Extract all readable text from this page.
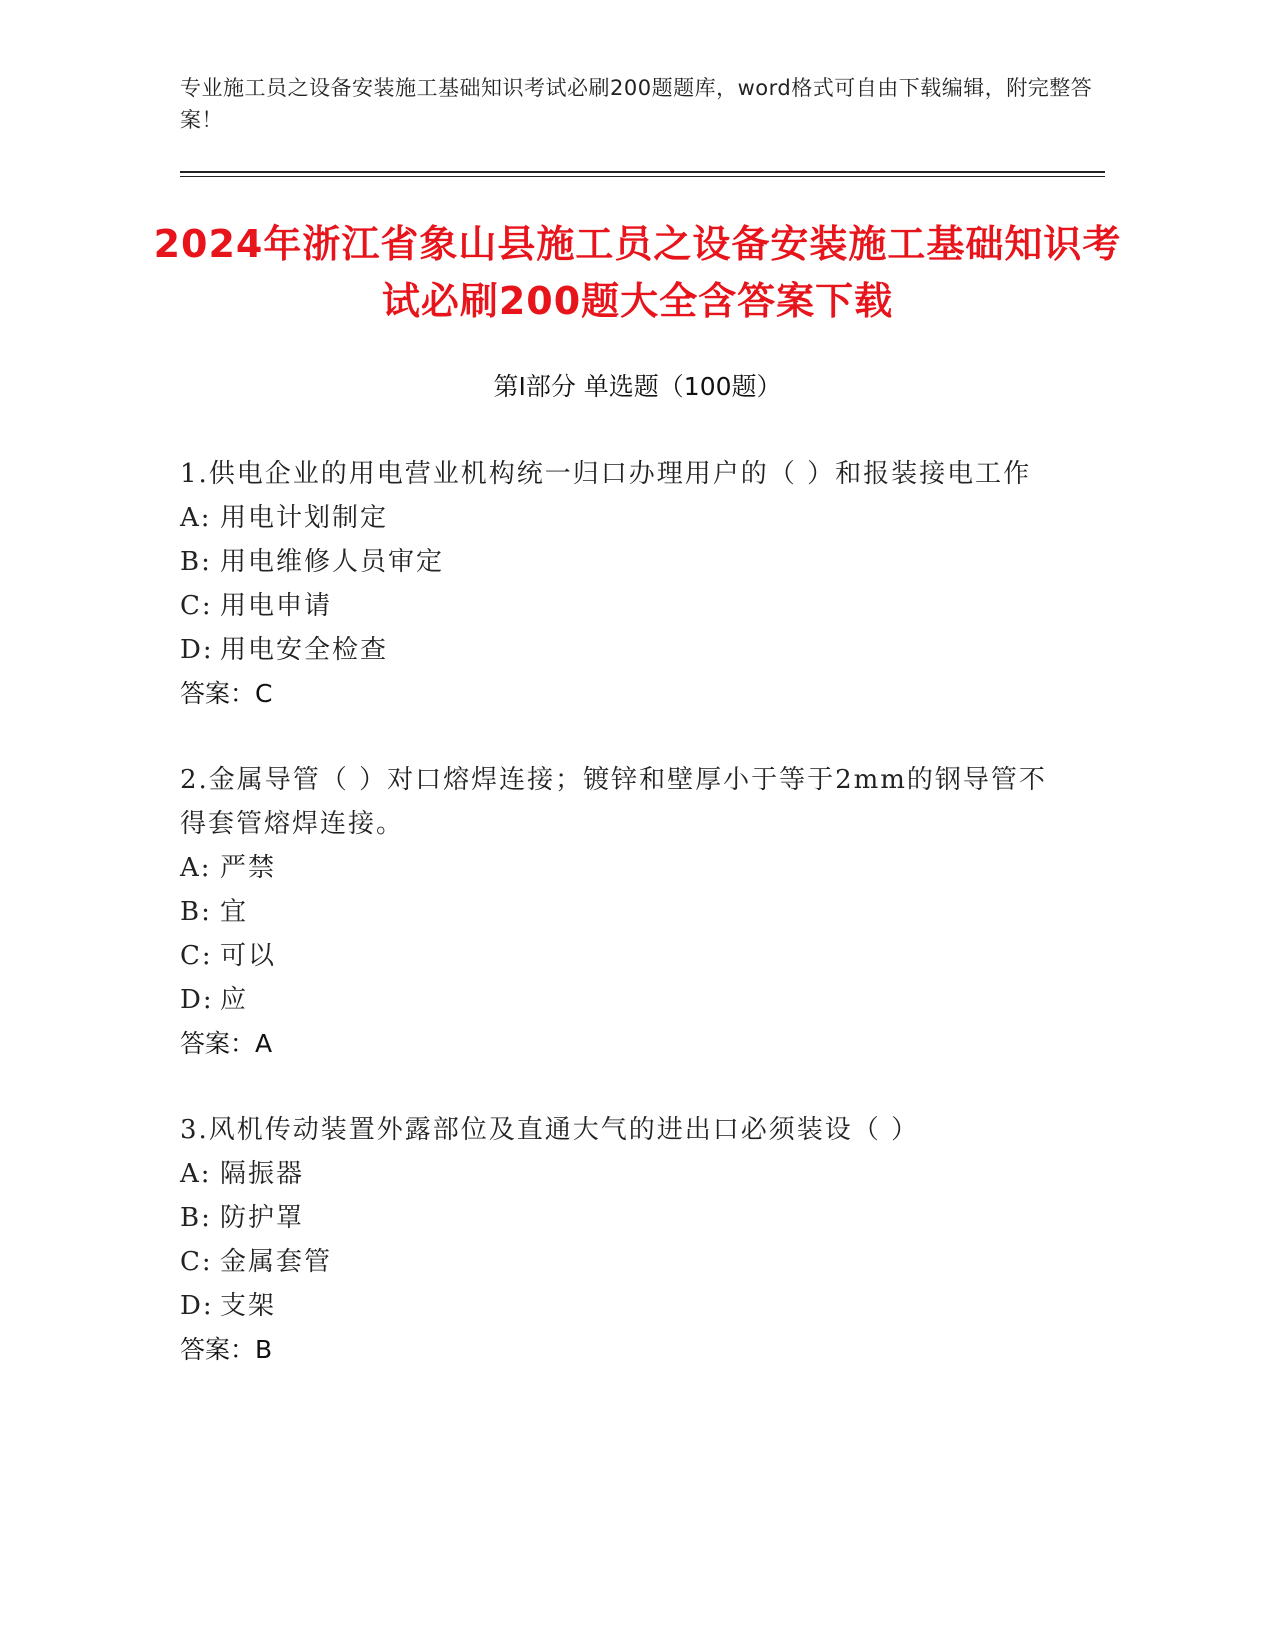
专业施工员之设备安装施工基础知识考试必刷200题题库，word格式可自由下载编辑，附完整答案！
2024年浙江省象山县施工员之设备安装施工基础知识考试必刷200题大全含答案下载
第Ⅰ部分 单选题（100题）
1.供电企业的用电营业机构统一归口办理用户的（ ）和报装接电工作
A: 用电计划制定
B: 用电维修人员审定
C: 用电申请
D: 用电安全检查
答案：C
2.金属导管（ ）对口熔焊连接；镀锌和壁厚小于等于2mm的钢导管不得套管熔焊连接。
A: 严禁
B: 宜
C: 可以
D: 应
答案：A
3.风机传动装置外露部位及直通大气的进出口必须装设（ ）
A: 隔振器
B: 防护罩
C: 金属套管
D: 支架
答案：B
